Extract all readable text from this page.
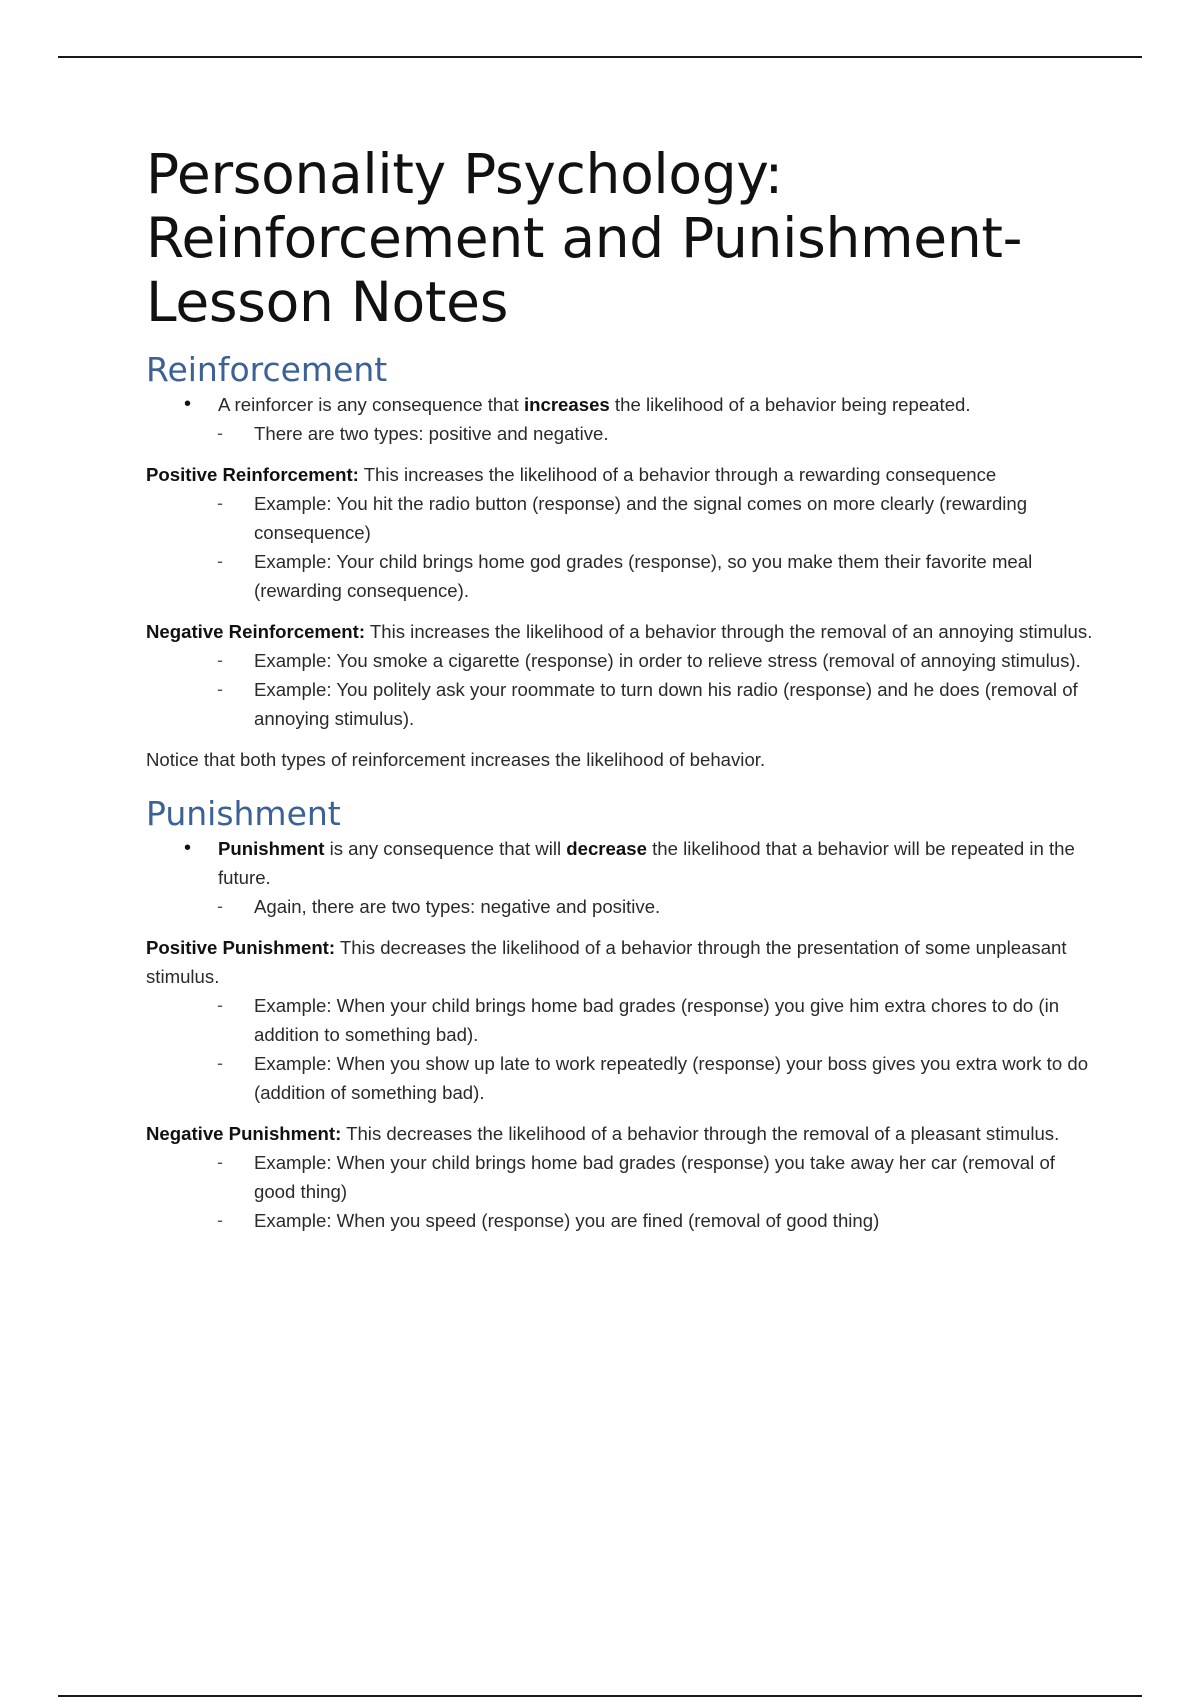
Personality Psychology: Reinforcement and Punishment- Lesson Notes
Reinforcement
• A reinforcer is any consequence that increases the likelihood of a behavior being repeated.
- There are two types: positive and negative.

Positive Reinforcement: This increases the likelihood of a behavior through a rewarding consequence

- Example: You hit the radio button (response) and the signal comes on more clearly (rewarding consequence)
- Example: Your child brings home god grades (response), so you make them their favorite meal (rewarding consequence).

Negative Reinforcement: This increases the likelihood of a behavior through the removal of an annoying stimulus.

- Example: You smoke a cigarette (response) in order to relieve stress (removal of annoying stimulus).
- Example: You politely ask your roommate to turn down his radio (response) and he does (removal of annoying stimulus).

Notice that both types of reinforcement increases the likelihood of behavior.

Punishment
• Punishment is any consequence that will decrease the likelihood that a behavior will be repeated in the future.
- Again, there are two types: negative and positive.

Positive Punishment: This decreases the likelihood of a behavior through the presentation of some unpleasant stimulus.

- Example: When your child brings home bad grades (response) you give him extra chores to do (in addition to something bad).
- Example: When you show up late to work repeatedly (response) your boss gives you extra work to do (addition of something bad).

Negative Punishment: This decreases the likelihood of a behavior through the removal of a pleasant stimulus.

- Example: When your child brings home bad grades (response) you take away her car (removal of good thing)
- Example: When you speed (response) you are fined (removal of good thing)
